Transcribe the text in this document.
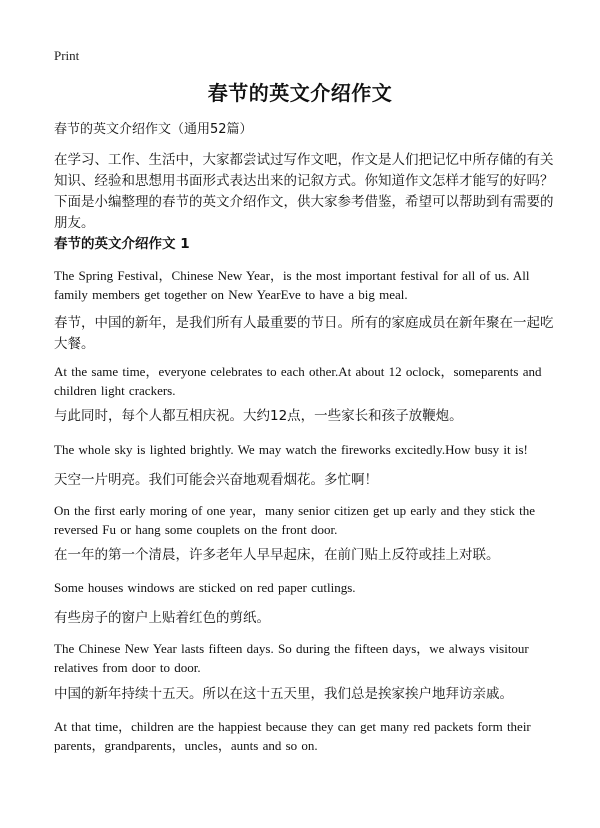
Print
春节的英文介绍作文
春节的英文介绍作文（通用52篇）

在学习、工作、生活中，大家都尝试过写作文吧，作文是人们把记忆中所存储的有关知识、经验和思想用书面形式表达出来的记叙方式。你知道作文怎样才能写的好吗？下面是小编整理的春节的英文介绍作文，供大家参考借鉴，希望可以帮助到有需要的朋友。

春节的英文介绍作文 1

The Spring Festival，Chinese New Year，is the most important festival for all of us. All family members get together on New YearEve to have a big meal.

春节，中国的新年，是我们所有人最重要的节日。所有的家庭成员在新年聚在一起吃大餐。

At the same time，everyone celebrates to each other.At about 12 oclock，someparents and children light crackers.

与此同时，每个人都互相庆祝。大约12点，一些家长和孩子放鞭炮。

The whole sky is lighted brightly. We may watch the fireworks excitedly.How busy it is!

天空一片明亮。我们可能会兴奋地观看烟花。多忙啊！

On the first early moring of one year，many senior citizen get up early and they stick the reversed Fu or hang some couplets on the front door.

在一年的第一个清晨，许多老年人早早起床，在前门贴上反符或挂上对联。

Some houses windows are sticked on red paper cutlings.

有些房子的窗户上贴着红色的剪纸。

The Chinese New Year lasts fifteen days. So during the fifteen days，we always visitour relatives from door to door.

中国的新年持续十五天。所以在这十五天里，我们总是挨家挨户地拜访亲戚。

At that time，children are the happiest because they can get many red packets form their parents，grandparents，uncles，aunts and so on.
